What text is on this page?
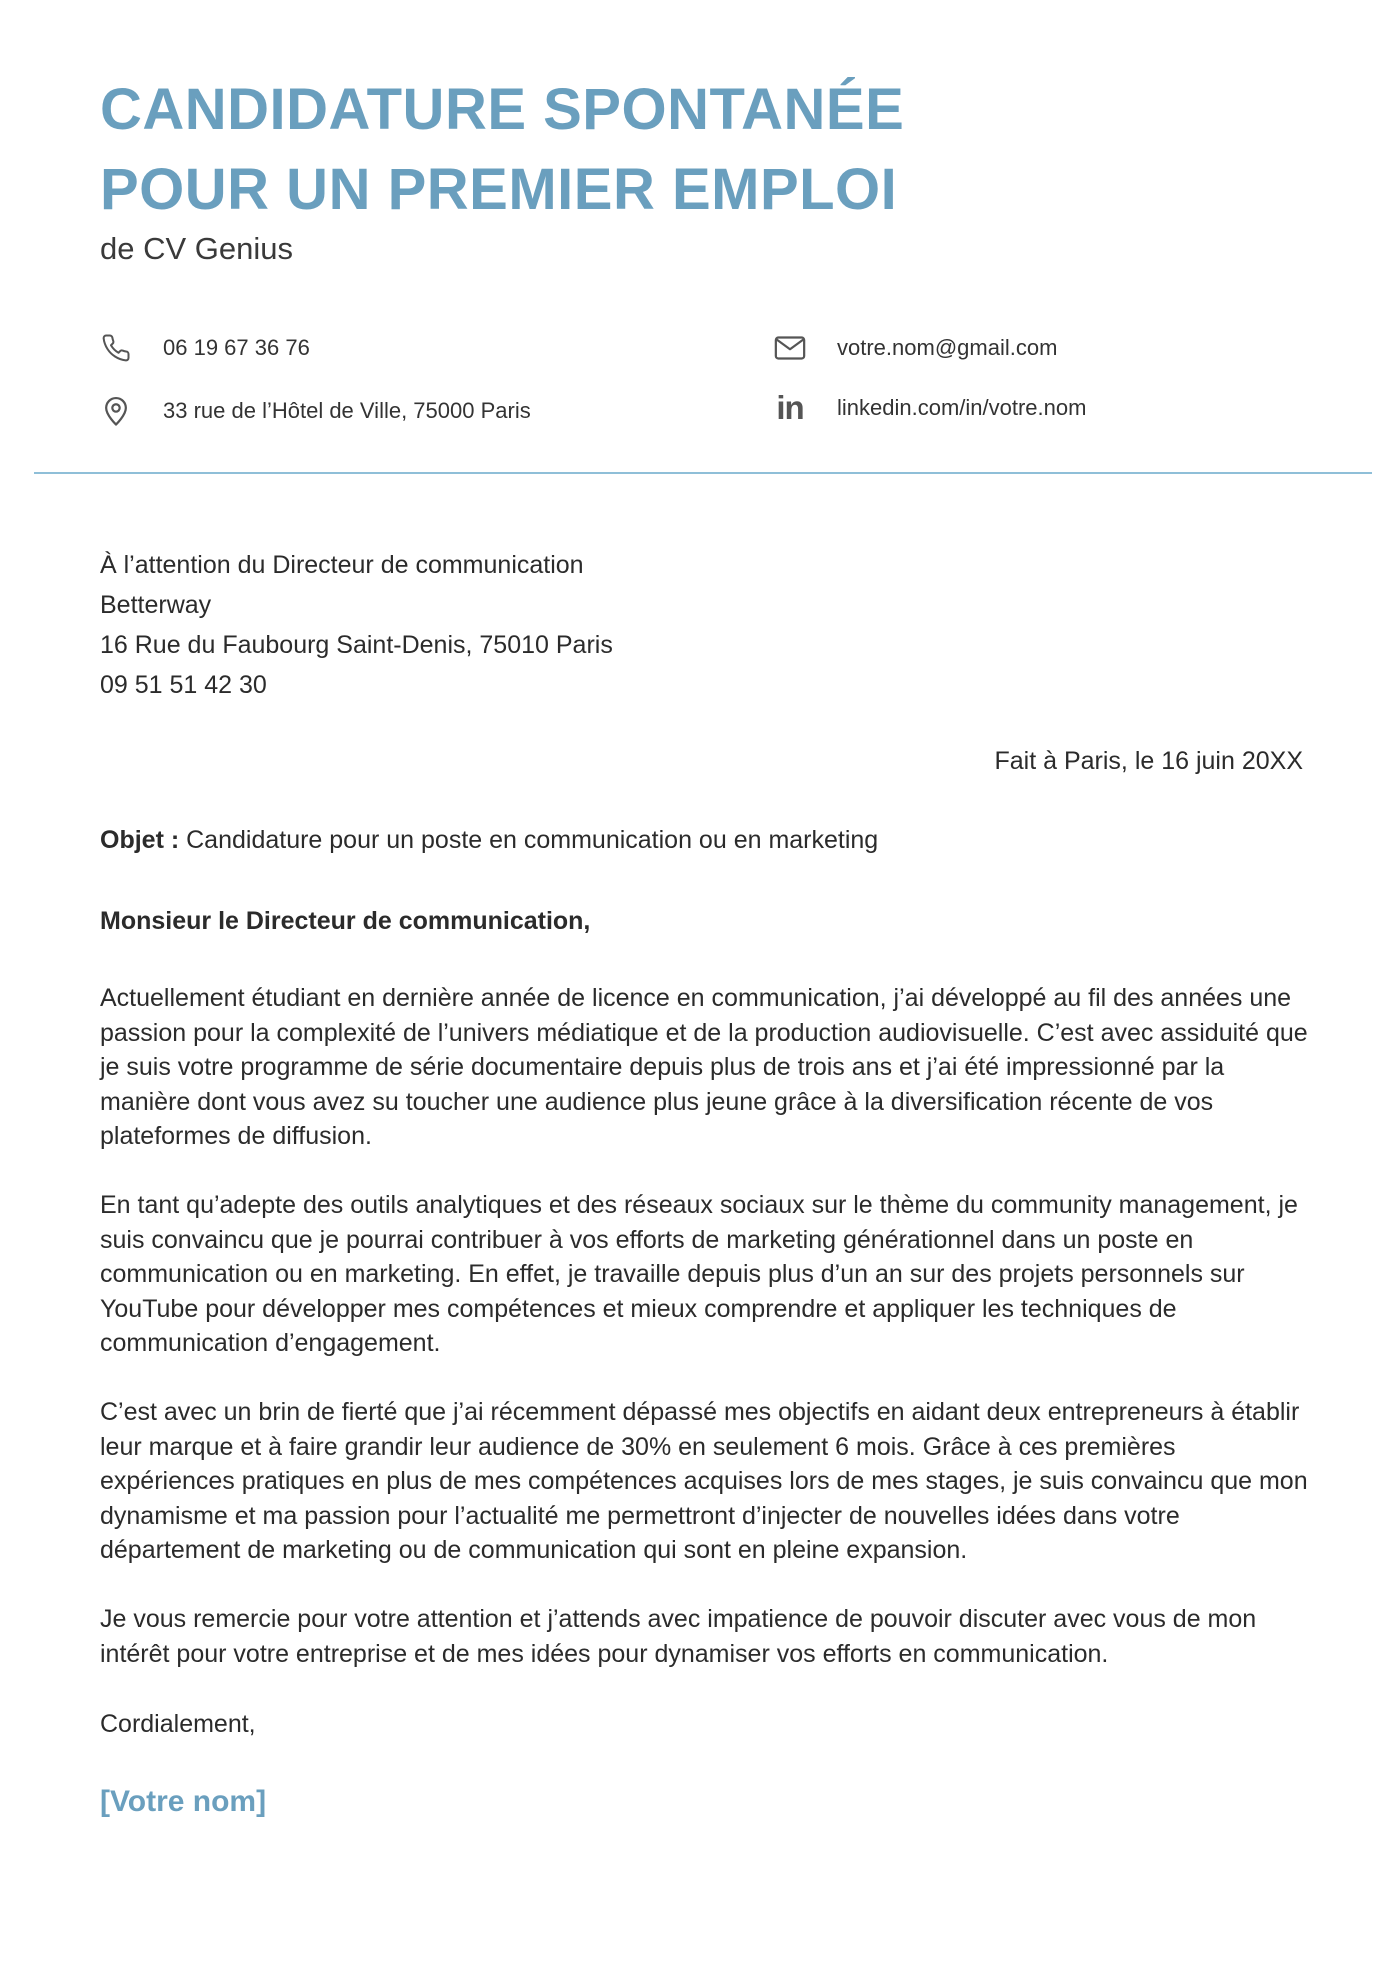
CANDIDATURE SPONTANÉE
POUR UN PREMIER EMPLOI
de CV Genius
06 19 67 36 76
33 rue de l’Hôtel de Ville, 75000 Paris
votre.nom@gmail.com
in linkedin.com/in/votre.nom
À l’attention du Directeur de communication
Betterway
16 Rue du Faubourg Saint-Denis, 75010 Paris
09 51 51 42 30
Fait à Paris, le 16 juin 20XX
Objet : Candidature pour un poste en communication ou en marketing
Monsieur le Directeur de communication,

Actuellement étudiant en dernière année de licence en communication, j’ai développé au fil des années une passion pour la complexité de l’univers médiatique et de la production audiovisuelle. C’est avec assiduité que je suis votre programme de série documentaire depuis plus de trois ans et j’ai été impressionné par la manière dont vous avez su toucher une audience plus jeune grâce à la diversification récente de vos plateformes de diffusion.

En tant qu’adepte des outils analytiques et des réseaux sociaux sur le thème du community management, je suis convaincu que je pourrai contribuer à vos efforts de marketing générationnel dans un poste en communication ou en marketing. En effet, je travaille depuis plus d’un an sur des projets personnels sur YouTube pour développer mes compétences et mieux comprendre et appliquer les techniques de communication d’engagement.

C’est avec un brin de fierté que j’ai récemment dépassé mes objectifs en aidant deux entrepreneurs à établir leur marque et à faire grandir leur audience de 30% en seulement 6 mois. Grâce à ces premières expériences pratiques en plus de mes compétences acquises lors de mes stages, je suis convaincu que mon dynamisme et ma passion pour l’actualité me permettront d’injecter de nouvelles idées dans votre département de marketing ou de communication qui sont en pleine expansion.

Je vous remercie pour votre attention et j’attends avec impatience de pouvoir discuter avec vous de mon intérêt pour votre entreprise et de mes idées pour dynamiser vos efforts en communication.

Cordialement,
[Votre nom]
